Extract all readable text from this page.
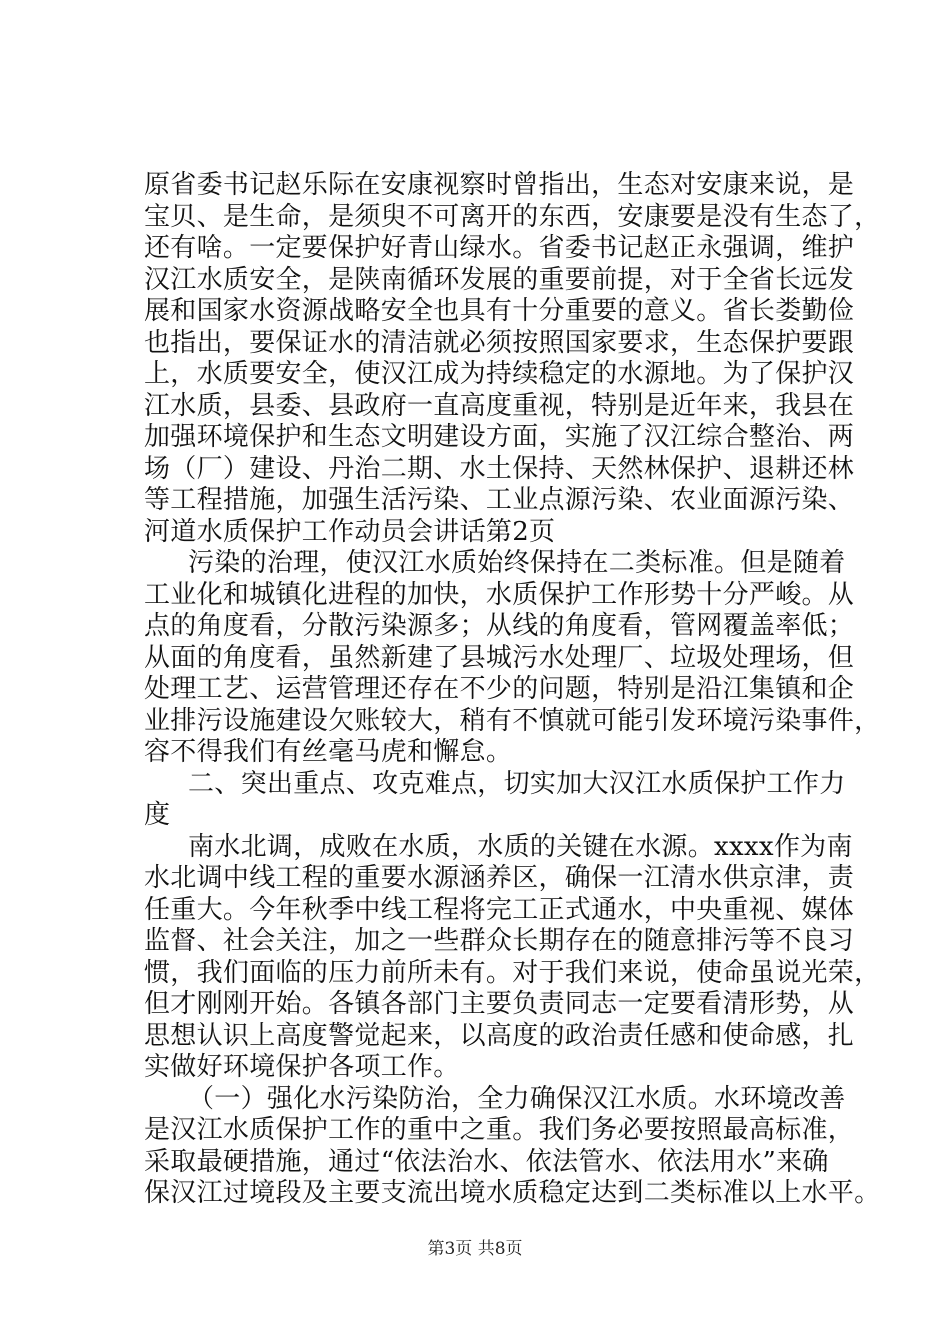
原省委书记赵乐际在安康视察时曾指出，生态对安康来说，是
宝贝、是生命，是须臾不可离开的东西，安康要是没有生态了，
还有啥。一定要保护好青山绿水。省委书记赵正永强调，维护
汉江水质安全，是陕南循环发展的重要前提，对于全省长远发
展和国家水资源战略安全也具有十分重要的意义。省长娄勤俭
也指出，要保证水的清洁就必须按照国家要求，生态保护要跟
上，水质要安全，使汉江成为持续稳定的水源地。为了保护汉
江水质，县委、县政府一直高度重视，特别是近年来，我县在
加强环境保护和生态文明建设方面，实施了汉江综合整治、两
场（厂）建设、丹治二期、水土保持、天然林保护、退耕还林
等工程措施，加强生活污染、工业点源污染、农业面源污染、
河道水质保护工作动员会讲话第2页
污染的治理，使汉江水质始终保持在二类标准。但是随着
工业化和城镇化进程的加快，水质保护工作形势十分严峻。从
点的角度看，分散污染源多；从线的角度看，管网覆盖率低；
从面的角度看，虽然新建了县城污水处理厂、垃圾处理场，但
处理工艺、运营管理还存在不少的问题，特别是沿江集镇和企
业排污设施建设欠账较大，稍有不慎就可能引发环境污染事件，
容不得我们有丝毫马虎和懈怠。
二、突出重点、攻克难点，切实加大汉江水质保护工作力
度
南水北调，成败在水质，水质的关键在水源。xxxx作为南
水北调中线工程的重要水源涵养区，确保一江清水供京津，责
任重大。今年秋季中线工程将完工正式通水，中央重视、媒体
监督、社会关注，加之一些群众长期存在的随意排污等不良习
惯，我们面临的压力前所未有。对于我们来说，使命虽说光荣，
但才刚刚开始。各镇各部门主要负责同志一定要看清形势，从
思想认识上高度警觉起来，以高度的政治责任感和使命感，扎
实做好环境保护各项工作。
（一）强化水污染防治，全力确保汉江水质。水环境改善
是汉江水质保护工作的重中之重。我们务必要按照最高标准，
采取最硬措施，通过“依法治水、依法管水、依法用水”来确
保汉江过境段及主要支流出境水质稳定达到二类标准以上水平。
第3页 共8页
